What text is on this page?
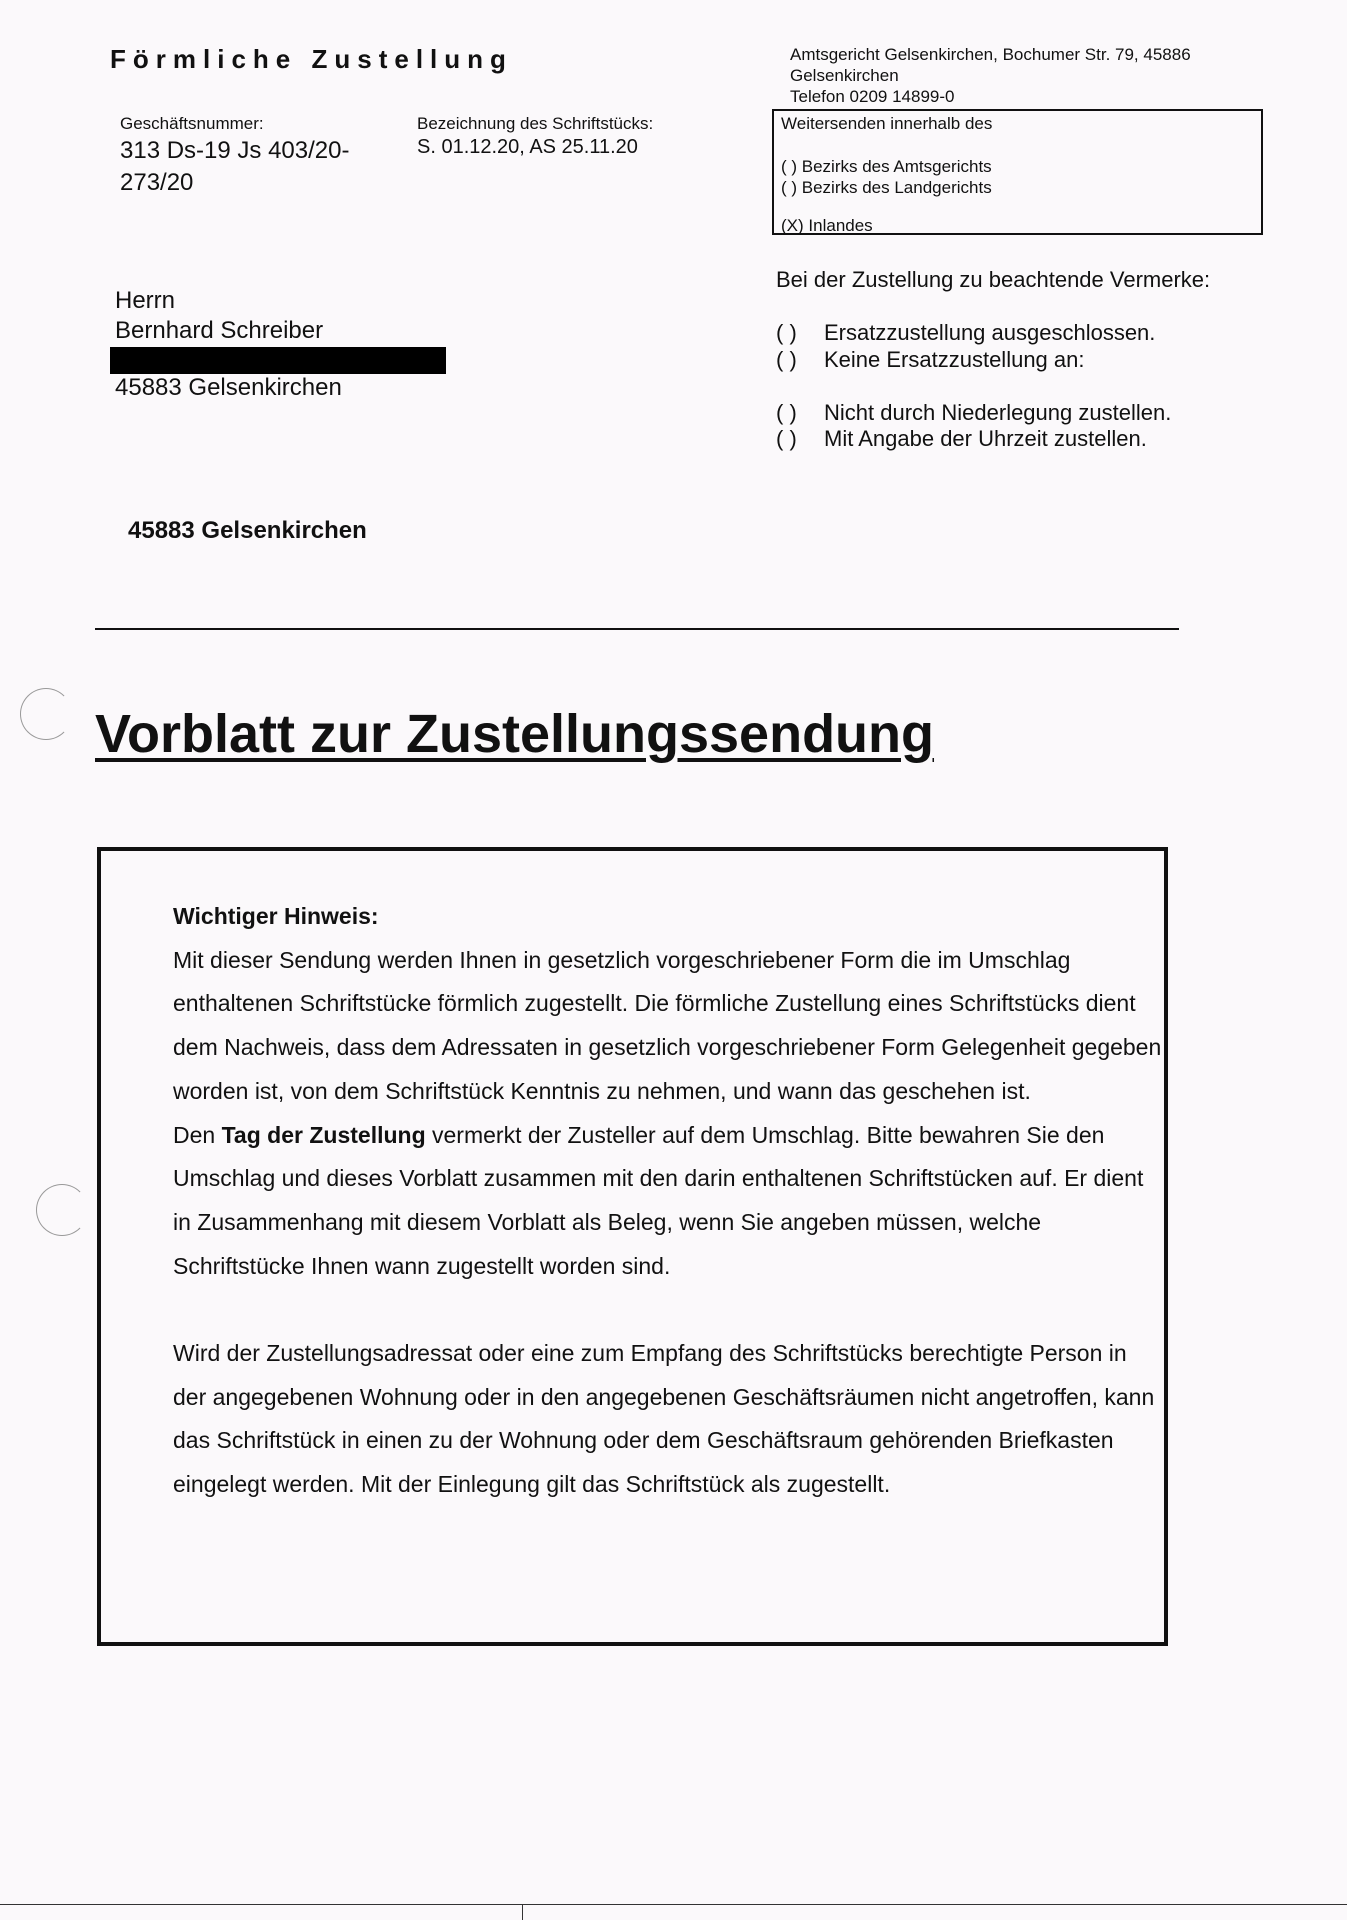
Förmliche Zustellung	Amtsgericht Gelsenkirchen, Bochumer Str. 79, 45886
Gelsenkirchen
Telefon 0209 14899-0
Geschäftsnummer:
313 Ds-19 Js 403/20-
273/20
Bezeichnung des Schriftstücks:
S. 01.12.20, AS 25.11.20
Weitersenden innerhalb des
( ) Bezirks des Amtsgerichts
( ) Bezirks des Landgerichts
(X) Inlandes
Herrn
Bernhard Schreiber
45883 Gelsenkirchen
45883 Gelsenkirchen
Bei der Zustellung zu beachtende Vermerke:
( ) Ersatzzustellung ausgeschlossen.
( ) Keine Ersatzzustellung an:
( ) Nicht durch Niederlegung zustellen.
( ) Mit Angabe der Uhrzeit zustellen.
Vorblatt zur Zustellungssendung

Wichtiger Hinweis:

Mit dieser Sendung werden Ihnen in gesetzlich vorgeschriebener Form die im Umschlag enthaltenen Schriftstücke förmlich zugestellt. Die förmliche Zustellung eines Schriftstücks dient dem Nachweis, dass dem Adressaten in gesetzlich vorgeschriebener Form Gelegenheit gegeben worden ist, von dem Schriftstück Kenntnis zu nehmen, und wann das geschehen ist.

Den Tag der Zustellung vermerkt der Zusteller auf dem Umschlag. Bitte bewahren Sie den Umschlag und dieses Vorblatt zusammen mit den darin enthaltenen Schriftstücken auf. Er dient in Zusammenhang mit diesem Vorblatt als Beleg, wenn Sie angeben müssen, welche Schriftstücke Ihnen wann zugestellt worden sind.

Wird der Zustellungsadressat oder eine zum Empfang des Schriftstücks berechtigte Person in der angegebenen Wohnung oder in den angegebenen Geschäftsräumen nicht angetroffen, kann das Schriftstück in einen zu der Wohnung oder dem Geschäftsraum gehörenden Briefkasten eingelegt werden. Mit der Einlegung gilt das Schriftstück als zugestellt.
